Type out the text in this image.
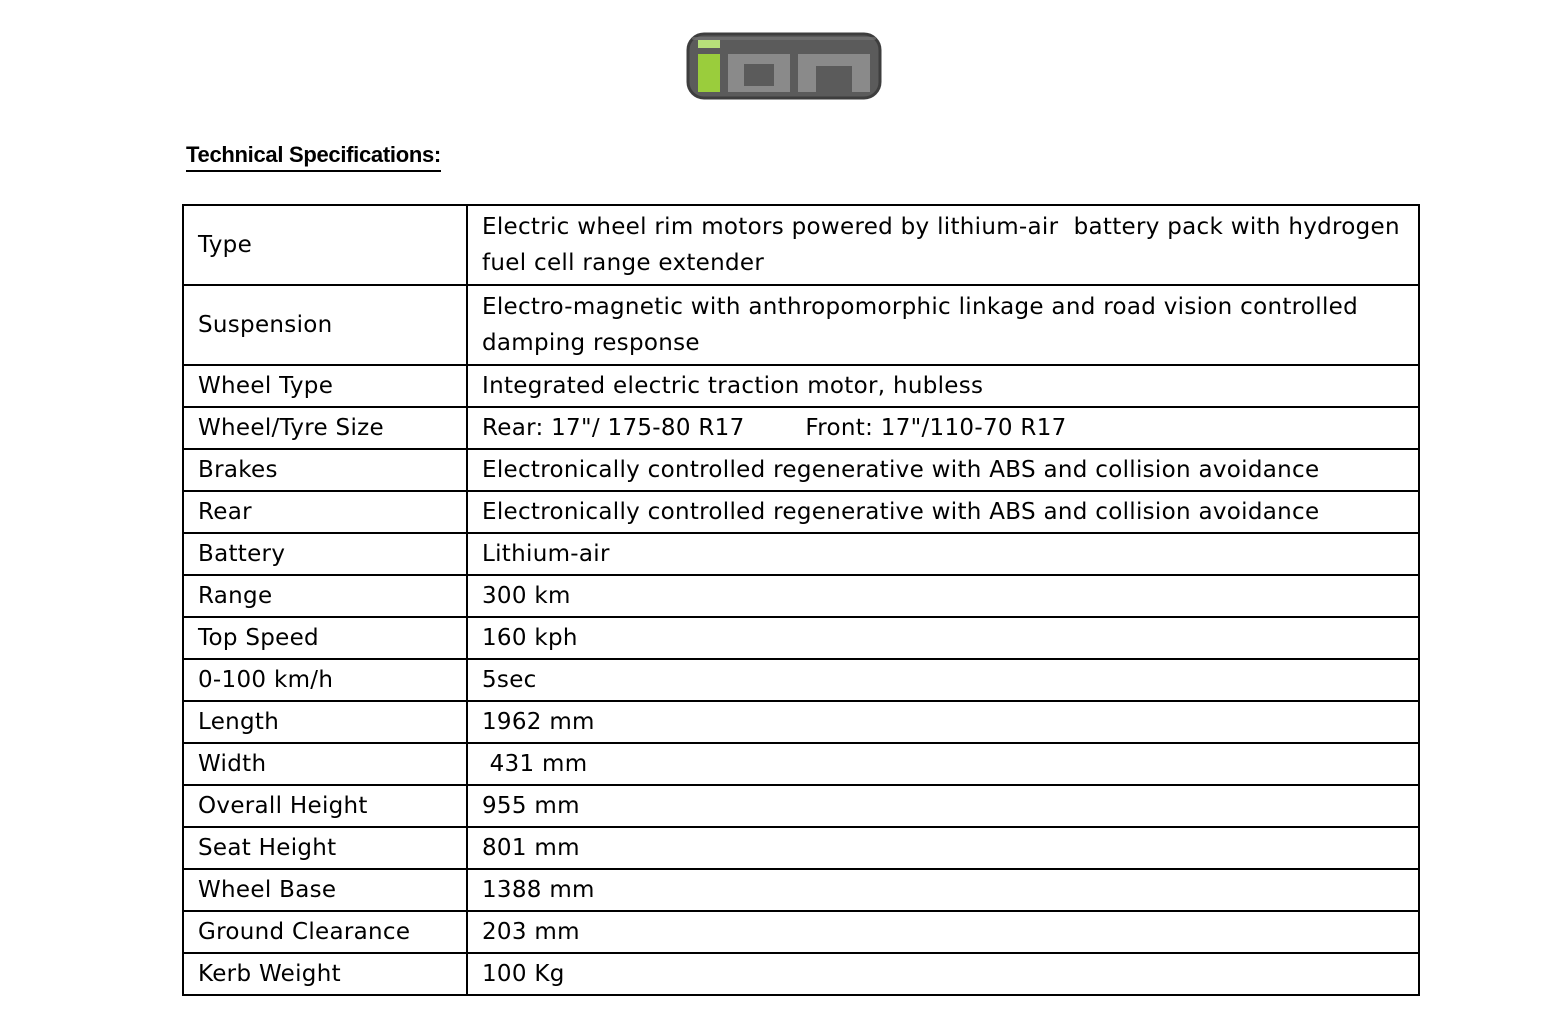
Technical Specifications:
Type	Electric wheel rim motors powered by lithium-air  battery pack with hydrogen fuel cell range extender
Suspension	Electro-magnetic with anthropomorphic linkage and road vision controlled damping response
Wheel Type	Integrated electric traction motor, hubless
Wheel/Tyre Size	Rear: 17"/ 175-80 R17        Front: 17"/110-70 R17
Brakes	Electronically controlled regenerative with ABS and collision avoidance
Rear	Electronically controlled regenerative with ABS and collision avoidance
Battery	Lithium-air
Range	300 km
Top Speed	160 kph
0-100 km/h	5sec
Length	1962 mm
Width	431 mm
Overall Height	955 mm
Seat Height	801 mm
Wheel Base	1388 mm
Ground Clearance	203 mm
Kerb Weight	100 Kg
